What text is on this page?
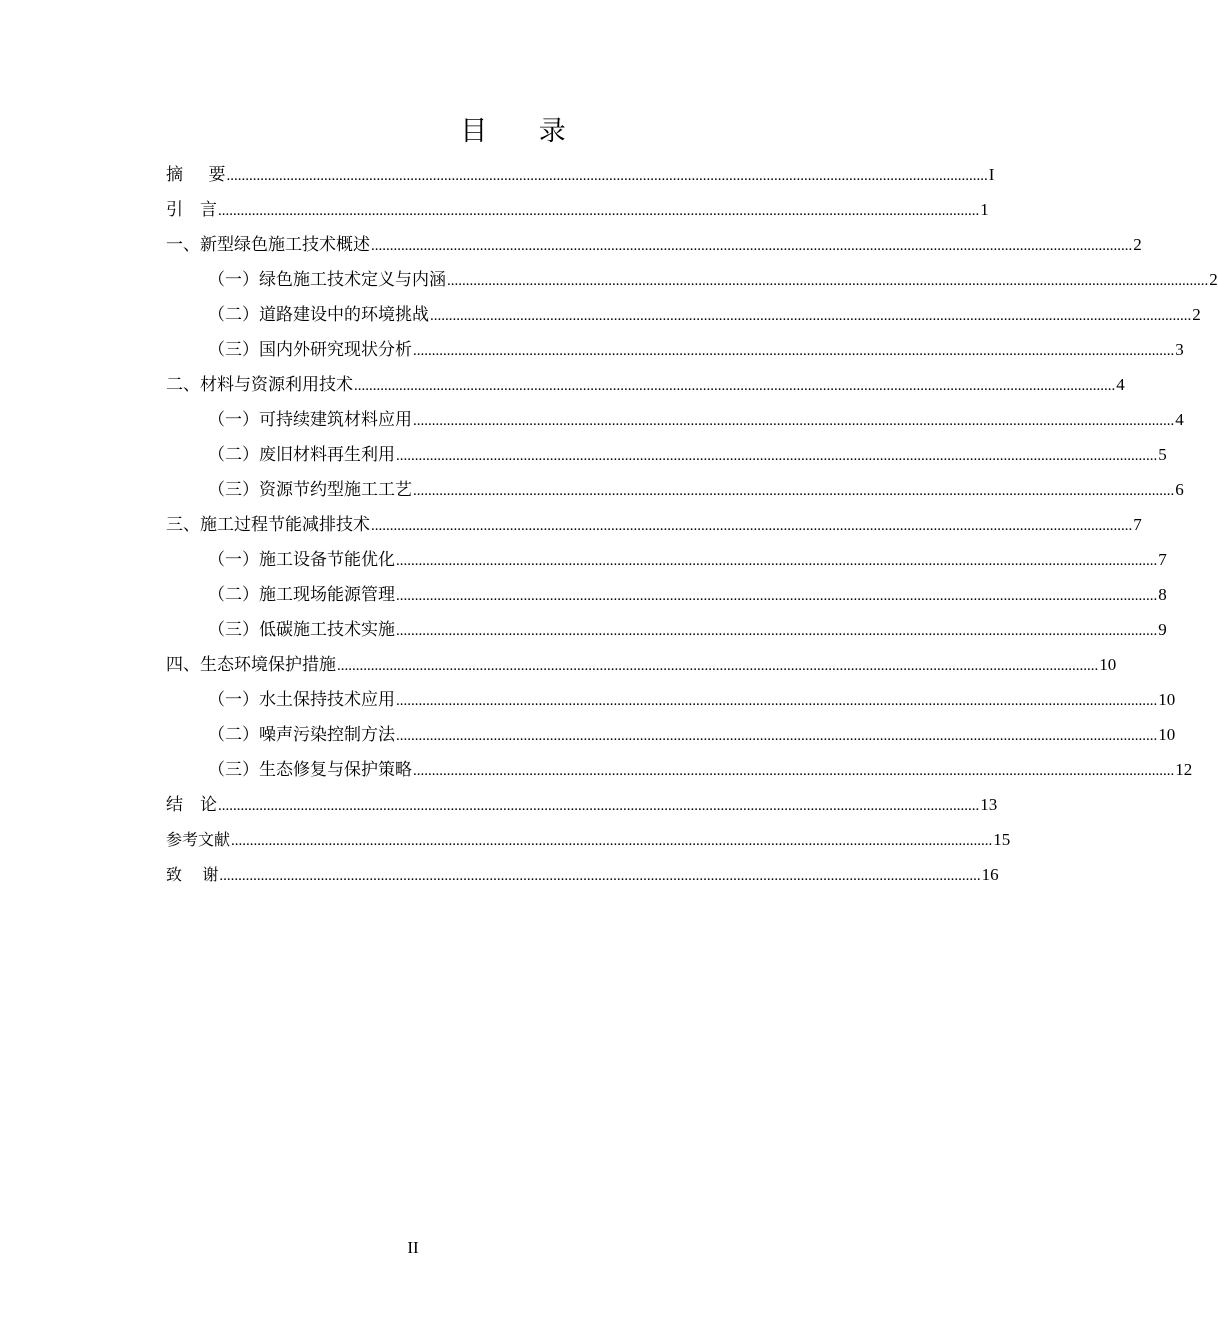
目      录
摘      要 ........................................................................................................................................................................................................... I
引    言 ........................................................................................................................................................................................................... 1
一、新型绿色施工技术概述 ........................................................................................................................................................................................................... 2
（一）绿色施工技术定义与内涵 ........................................................................................................................................................................................................... 2
（二）道路建设中的环境挑战 ........................................................................................................................................................................................................... 2
（三）国内外研究现状分析 ........................................................................................................................................................................................................... 3
二、材料与资源利用技术 ........................................................................................................................................................................................................... 4
（一）可持续建筑材料应用 ........................................................................................................................................................................................................... 4
（二）废旧材料再生利用 ........................................................................................................................................................................................................... 5
（三）资源节约型施工工艺 ........................................................................................................................................................................................................... 6
三、施工过程节能减排技术 ........................................................................................................................................................................................................... 7
（一）施工设备节能优化 ........................................................................................................................................................................................................... 7
（二）施工现场能源管理 ........................................................................................................................................................................................................... 8
（三）低碳施工技术实施 ........................................................................................................................................................................................................... 9
四、生态环境保护措施 ........................................................................................................................................................................................................... 10
（一）水土保持技术应用 ........................................................................................................................................................................................................... 10
（二）噪声污染控制方法 ........................................................................................................................................................................................................... 10
（三）生态修复与保护策略 ........................................................................................................................................................................................................... 12
结    论 ........................................................................................................................................................................................................... 13
参考文献 ........................................................................................................................................................................................................... 15
致    谢 ........................................................................................................................................................................................................... 16
II
